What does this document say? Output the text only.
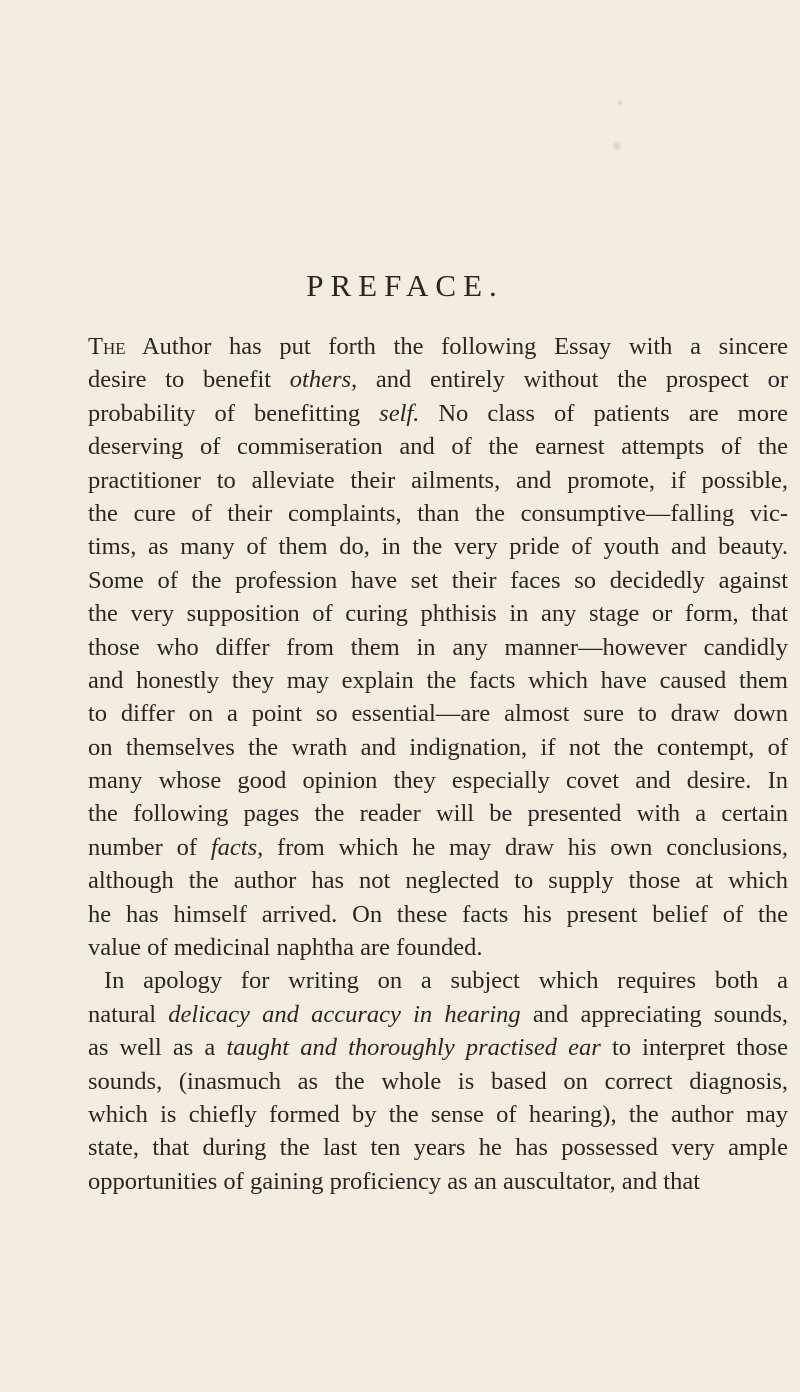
PREFACE.
The Author has put forth the following Essay with a sincere
desire to benefit others, and entirely without the prospect or
probability of benefitting self. No class of patients are more
deserving of commiseration and of the earnest attempts of the
practitioner to alleviate their ailments, and promote, if possible,
the cure of their complaints, than the consumptive—falling vic-
tims, as many of them do, in the very pride of youth and beauty.
Some of the profession have set their faces so decidedly against
the very supposition of curing phthisis in any stage or form, that
those who differ from them in any manner—however candidly
and honestly they may explain the facts which have caused them
to differ on a point so essential—are almost sure to draw down
on themselves the wrath and indignation, if not the contempt, of
many whose good opinion they especially covet and desire. In
the following pages the reader will be presented with a certain
number of facts, from which he may draw his own conclusions,
although the author has not neglected to supply those at which
he has himself arrived. On these facts his present belief of the
value of medicinal naphtha are founded.
In apology for writing on a subject which requires both a
natural delicacy and accuracy in hearing and appreciating sounds,
as well as a taught and thoroughly practised ear to interpret those
sounds, (inasmuch as the whole is based on correct diagnosis,
which is chiefly formed by the sense of hearing), the author may
state, that during the last ten years he has possessed very ample
opportunities of gaining proficiency as an auscultator, and that
